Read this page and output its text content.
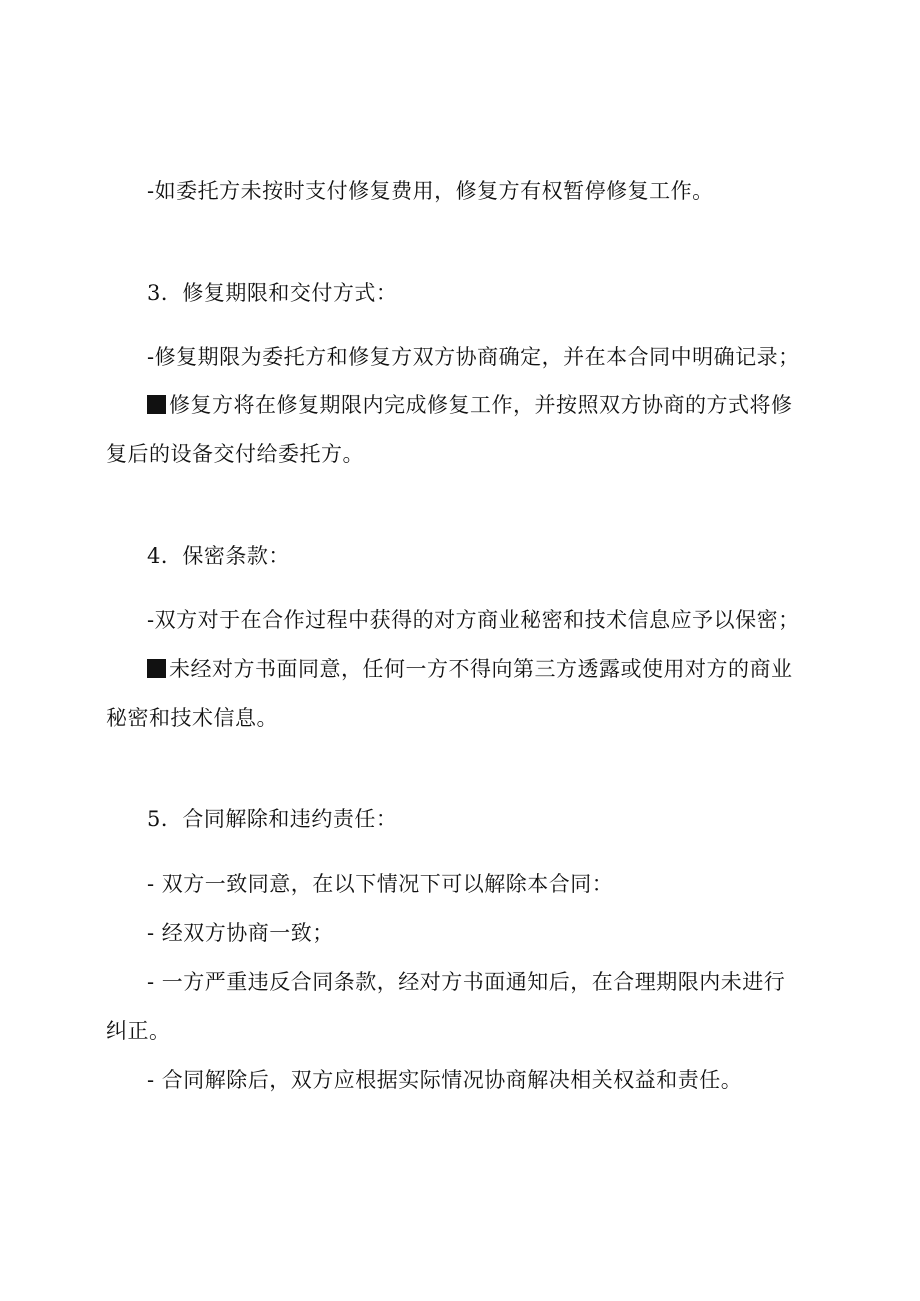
-如委托方未按时支付修复费用，修复方有权暂停修复工作。

3．修复期限和交付方式：

-修复期限为委托方和修复方双方协商确定，并在本合同中明确记录；

修复方将在修复期限内完成修复工作，并按照双方协商的方式将修

复后的设备交付给委托方。

4．保密条款：

-双方对于在合作过程中获得的对方商业秘密和技术信息应予以保密；

未经对方书面同意，任何一方不得向第三方透露或使用对方的商业

秘密和技术信息。

5．合同解除和违约责任：

- 双方一致同意，在以下情况下可以解除本合同：

- 经双方协商一致；

- 一方严重违反合同条款，经对方书面通知后，在合理期限内未进行

纠正。

- 合同解除后，双方应根据实际情况协商解决相关权益和责任。
